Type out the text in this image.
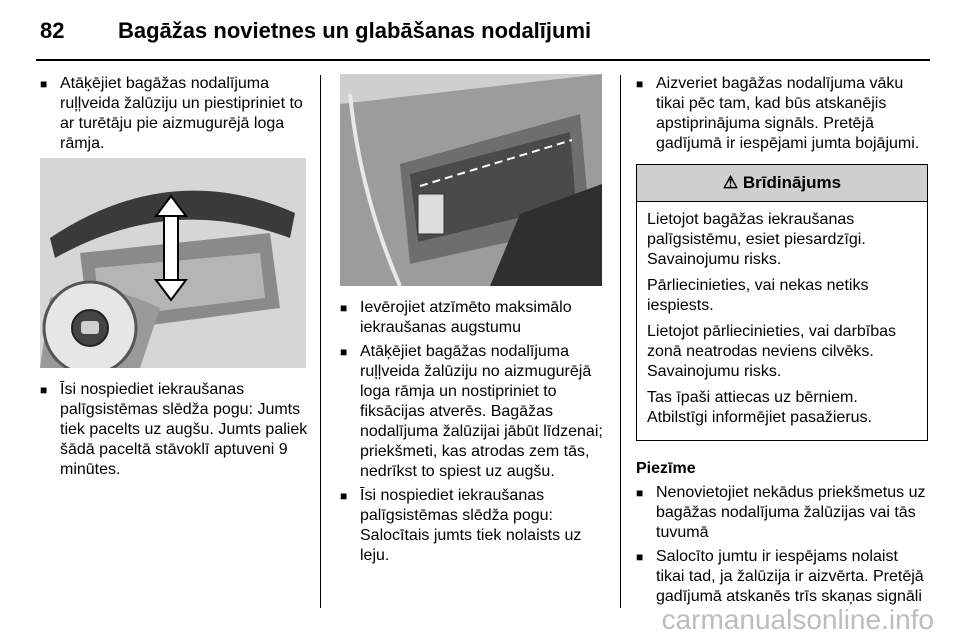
82 Bagāžas novietnes un glabāšanas nodalījumi
■ Atāķējiet bagāžas nodalījuma ruļļveida žalūziju un piestipriniet to ar turētāju pie aizmugurējā loga rāmja.
■ Īsi nospiediet iekraušanas palīgsistēmas slēdža pogu: Jumts tiek pacelts uz augšu. Jumts paliek šādā paceltā stāvoklī aptuveni 9 minūtes.
■ Ievērojiet atzīmēto maksimālo iekraušanas augstumu
■ Atāķējiet bagāžas nodalījuma ruļļveida žalūziju no aizmugurējā loga rāmja un nostipriniet to fiksācijas atverēs. Bagāžas nodalījuma žalūzijai jābūt līdzenai; priekšmeti, kas atrodas zem tās, nedrīkst to spiest uz augšu.
■ Īsi nospiediet iekraušanas palīgsistēmas slēdža pogu: Salocītais jumts tiek nolaists uz leju.
■ Aizveriet bagāžas nodalījuma vāku tikai pēc tam, kad būs atskanējis apstiprinājuma signāls. Pretējā gadījumā ir iespējami jumta bojājumi.
⚠ Brīdinājums

Lietojot bagāžas iekraušanas palīgsistēmu, esiet piesardzīgi. Savainojumu risks.

Pārliecinieties, vai nekas netiks iespiests.

Lietojot pārliecinieties, vai darbības zonā neatrodas neviens cilvēks. Savainojumu risks.

Tas īpaši attiecas uz bērniem. Atbilstīgi informējiet pasažierus.

Piezīme
■ Nenovietojiet nekādus priekšmetus uz bagāžas nodalījuma žalūzijas vai tās tuvumā
■ Salocīto jumtu ir iespējams nolaist tikai tad, ja žalūzija ir aizvērta. Pretējā gadījumā atskanēs trīs skaņas signāli
carmanualsonline.info
